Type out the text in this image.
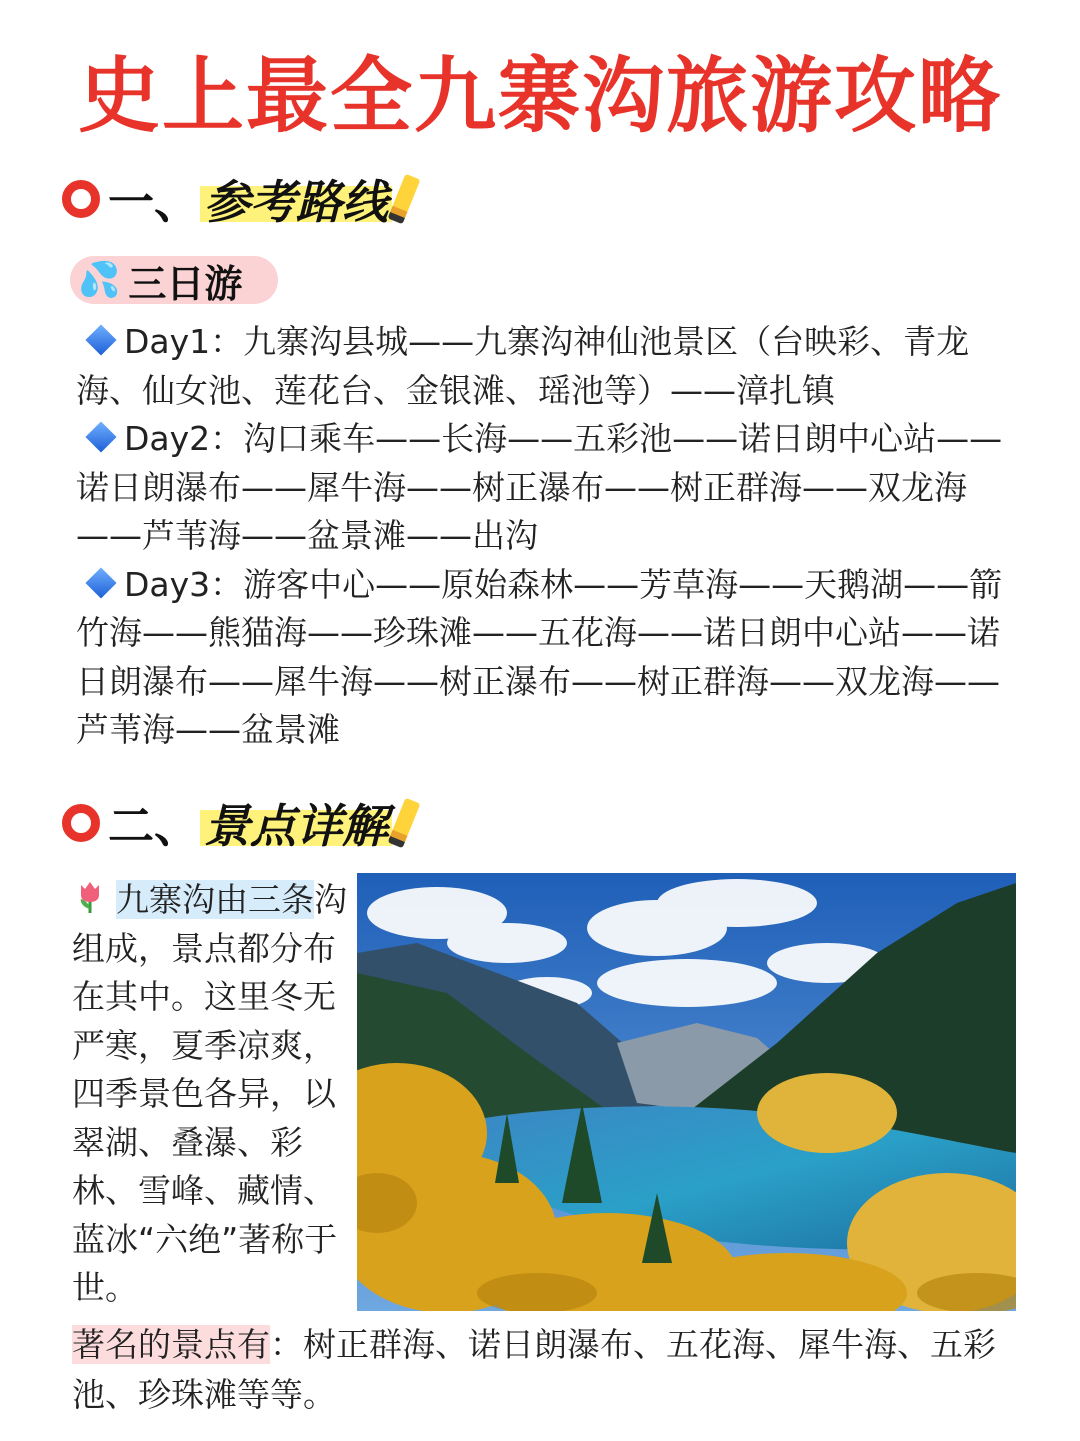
史上最全九寨沟旅游攻略
一、 参考路线
💦 三日游

Day1：九寨沟县城——九寨沟神仙池景区（台映彩、青龙海、仙女池、莲花台、金银滩、瑶池等）——漳扎镇

Day2：沟口乘车——长海——五彩池——诺日朗中心站——诺日朗瀑布——犀牛海——树正瀑布——树正群海——双龙海——芦苇海——盆景滩——出沟

Day3：游客中心——原始森林——芳草海——天鹅湖——箭竹海——熊猫海——珍珠滩——五花海——诺日朗中心站——诺日朗瀑布——犀牛海——树正瀑布——树正群海——双龙海——芦苇海——盆景滩

二、 景点详解
九寨沟由三条沟组成，景点都分布在其中。这里冬无严寒，夏季凉爽，四季景色各异，以翠湖、叠瀑、彩林、雪峰、藏情、蓝冰“六绝”著称于世。
著名的景点有：树正群海、诺日朗瀑布、五花海、犀牛海、五彩池、珍珠滩等等。
